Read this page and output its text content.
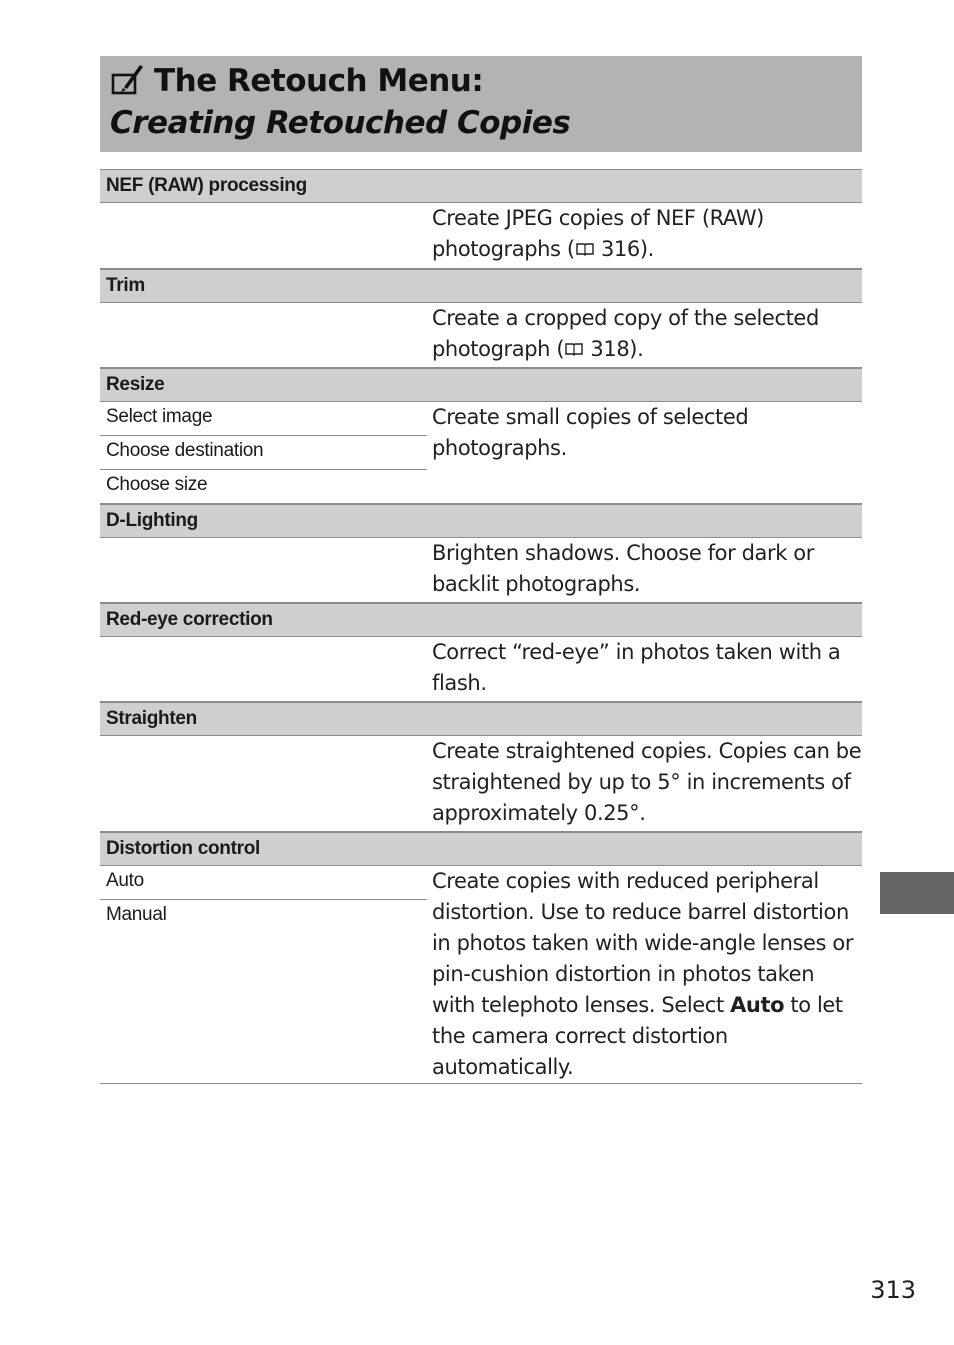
The Retouch Menu:
Creating Retouched Copies
NEF (RAW) processing
Create JPEG copies of NEF (RAW) photographs ( 316).
Trim
Create a cropped copy of the selected photograph ( 318).
Resize
Select image
Choose destination
Choose size
Create small copies of selected photographs.
D-Lighting
Brighten shadows. Choose for dark or backlit photographs.
Red-eye correction
Correct “red-eye” in photos taken with a flash.
Straighten
Create straightened copies. Copies can be straightened by up to 5° in increments of approximately 0.25°.
Distortion control
Auto
Manual
Create copies with reduced peripheral distortion. Use to reduce barrel distortion in photos taken with wide-angle lenses or pin-cushion distortion in photos taken with telephoto lenses. Select Auto to let the camera correct distortion automatically.
313
